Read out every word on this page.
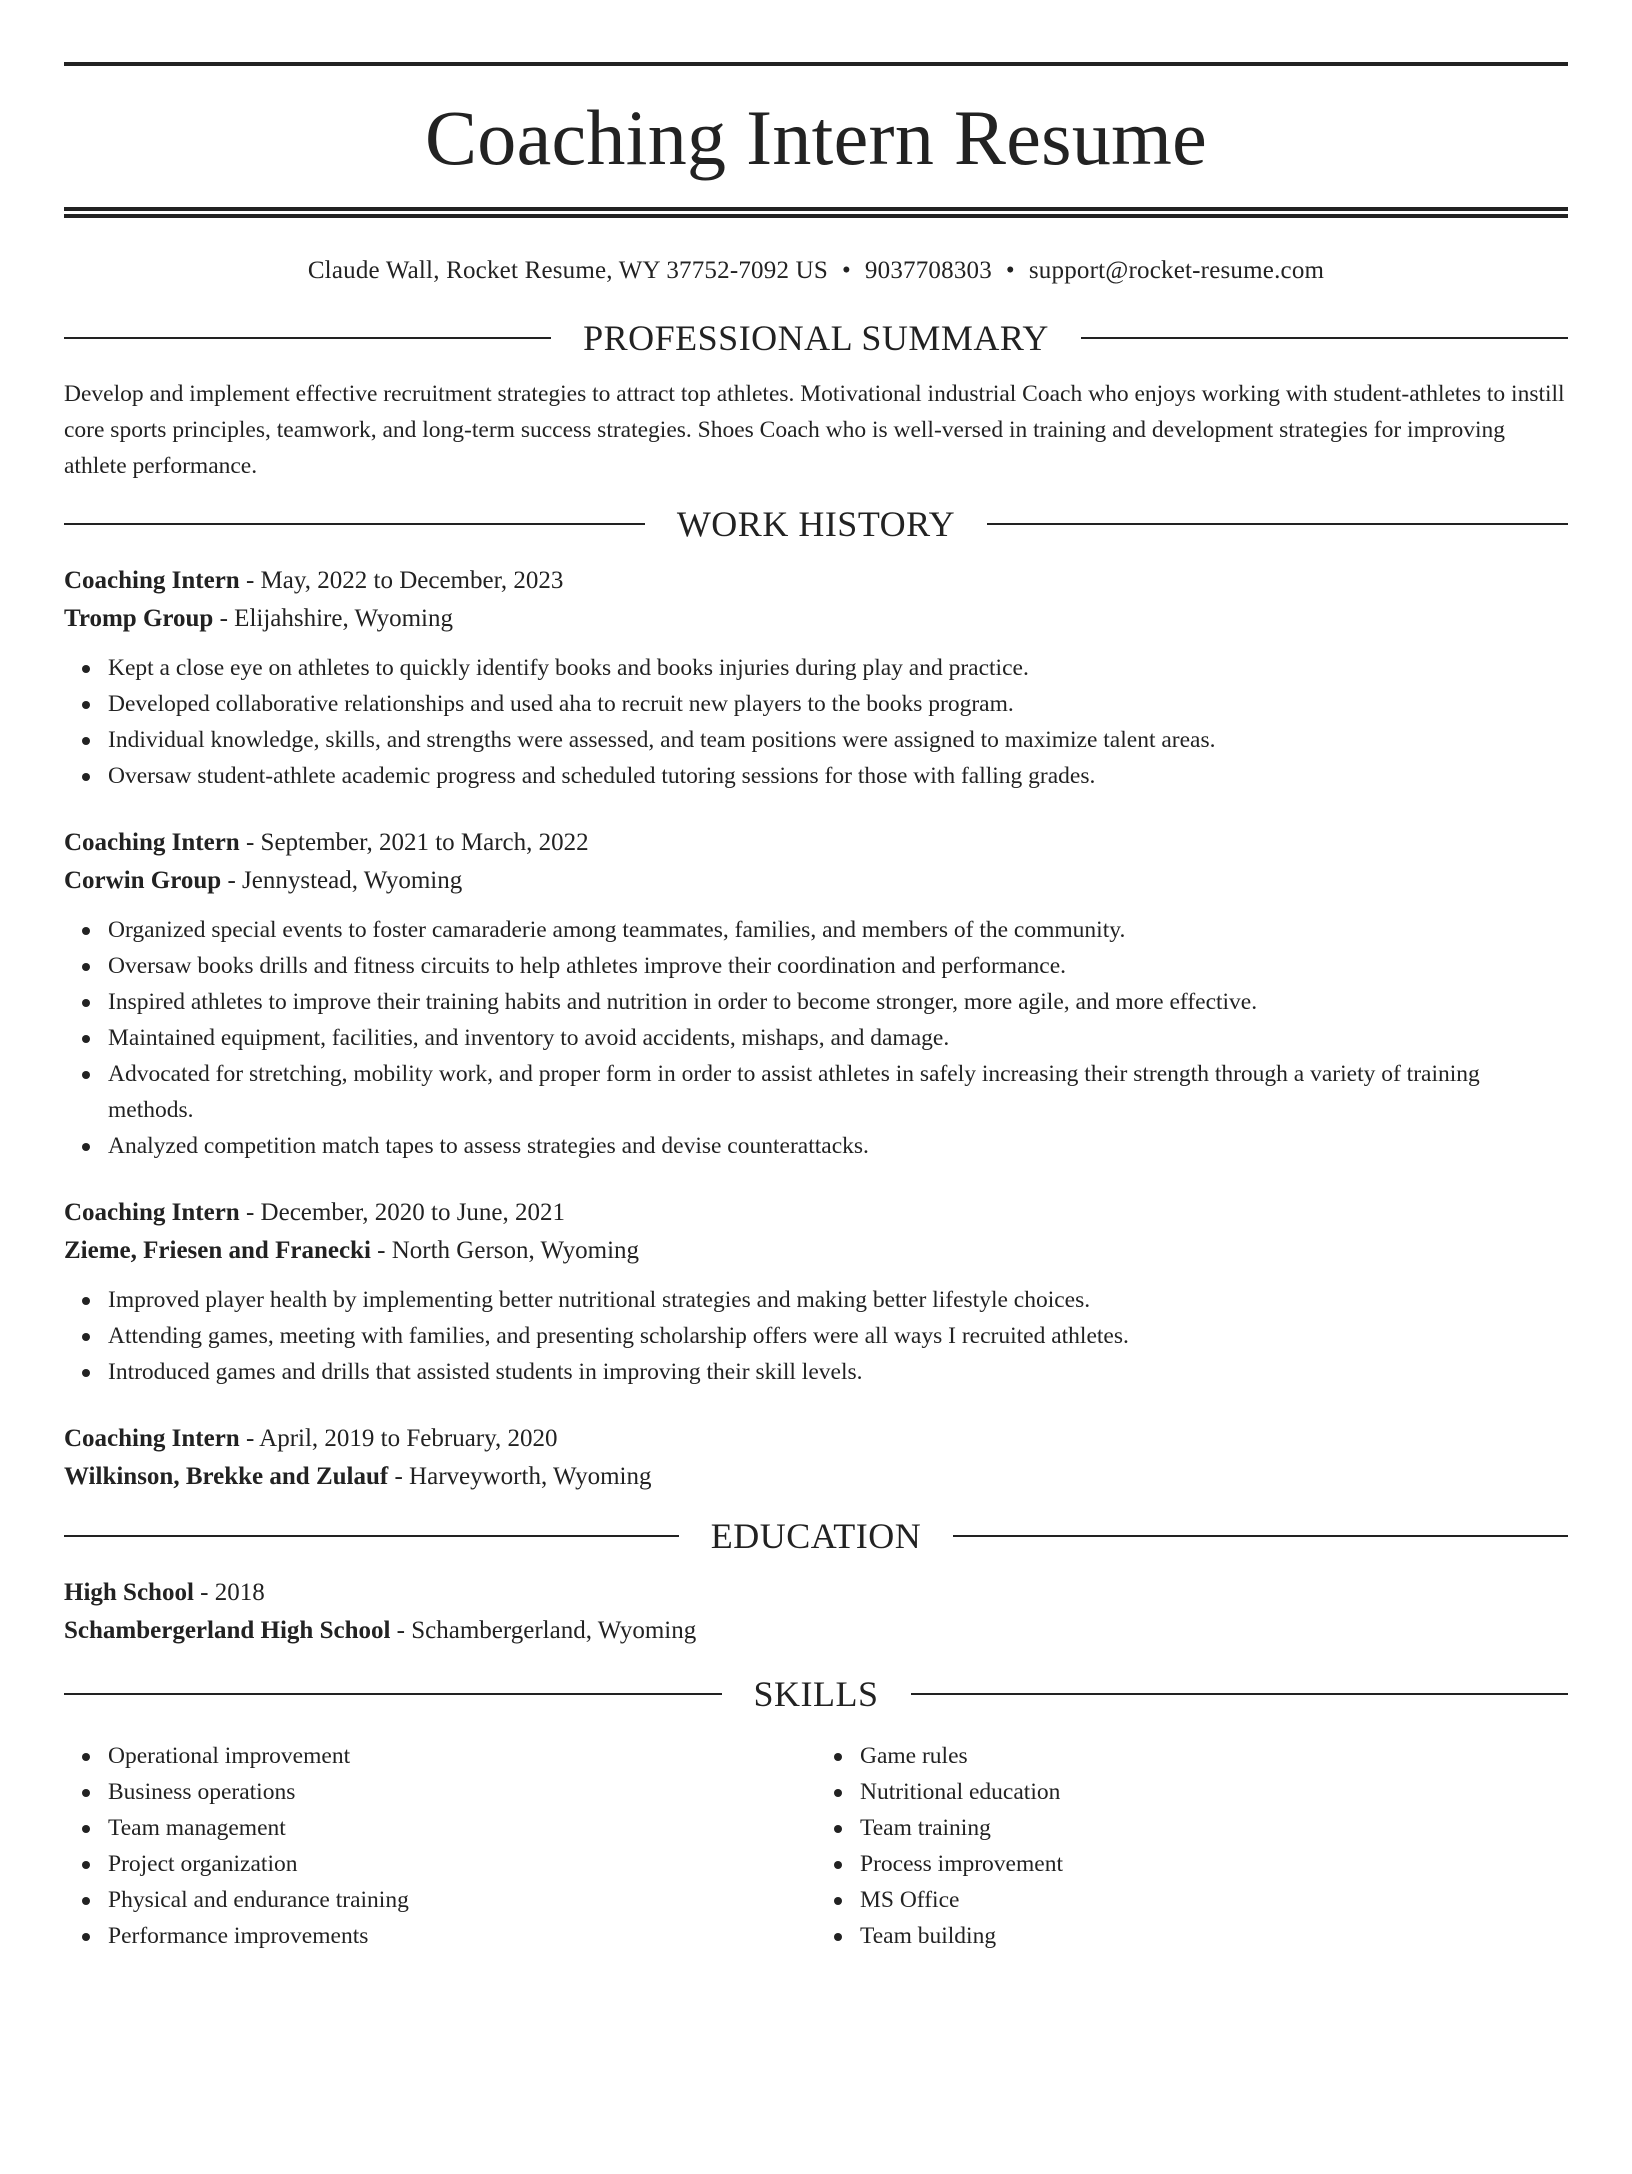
Coaching Intern Resume
Claude Wall, Rocket Resume, WY 37752-7092 US • 9037708303 • support@rocket-resume.com
PROFESSIONAL SUMMARY

Develop and implement effective recruitment strategies to attract top athletes. Motivational industrial Coach who enjoys working with student-athletes to instill core sports principles, teamwork, and long-term success strategies. Shoes Coach who is well-versed in training and development strategies for improving athlete performance.

WORK HISTORY
Coaching Intern - May, 2022 to December, 2023
Tromp Group - Elijahshire, Wyoming
Kept a close eye on athletes to quickly identify books and books injuries during play and practice.
Developed collaborative relationships and used aha to recruit new players to the books program.
Individual knowledge, skills, and strengths were assessed, and team positions were assigned to maximize talent areas.
Oversaw student-athlete academic progress and scheduled tutoring sessions for those with falling grades.
Coaching Intern - September, 2021 to March, 2022
Corwin Group - Jennystead, Wyoming
Organized special events to foster camaraderie among teammates, families, and members of the community.
Oversaw books drills and fitness circuits to help athletes improve their coordination and performance.
Inspired athletes to improve their training habits and nutrition in order to become stronger, more agile, and more effective.
Maintained equipment, facilities, and inventory to avoid accidents, mishaps, and damage.
Advocated for stretching, mobility work, and proper form in order to assist athletes in safely increasing their strength through a variety of training methods.
Analyzed competition match tapes to assess strategies and devise counterattacks.
Coaching Intern - December, 2020 to June, 2021
Zieme, Friesen and Franecki - North Gerson, Wyoming
Improved player health by implementing better nutritional strategies and making better lifestyle choices.
Attending games, meeting with families, and presenting scholarship offers were all ways I recruited athletes.
Introduced games and drills that assisted students in improving their skill levels.
Coaching Intern - April, 2019 to February, 2020
Wilkinson, Brekke and Zulauf - Harveyworth, Wyoming
EDUCATION
High School - 2018
Schambergerland High School - Schambergerland, Wyoming
SKILLS
Operational improvement
Business operations
Team management
Project organization
Physical and endurance training
Performance improvements
Game rules
Nutritional education
Team training
Process improvement
MS Office
Team building
